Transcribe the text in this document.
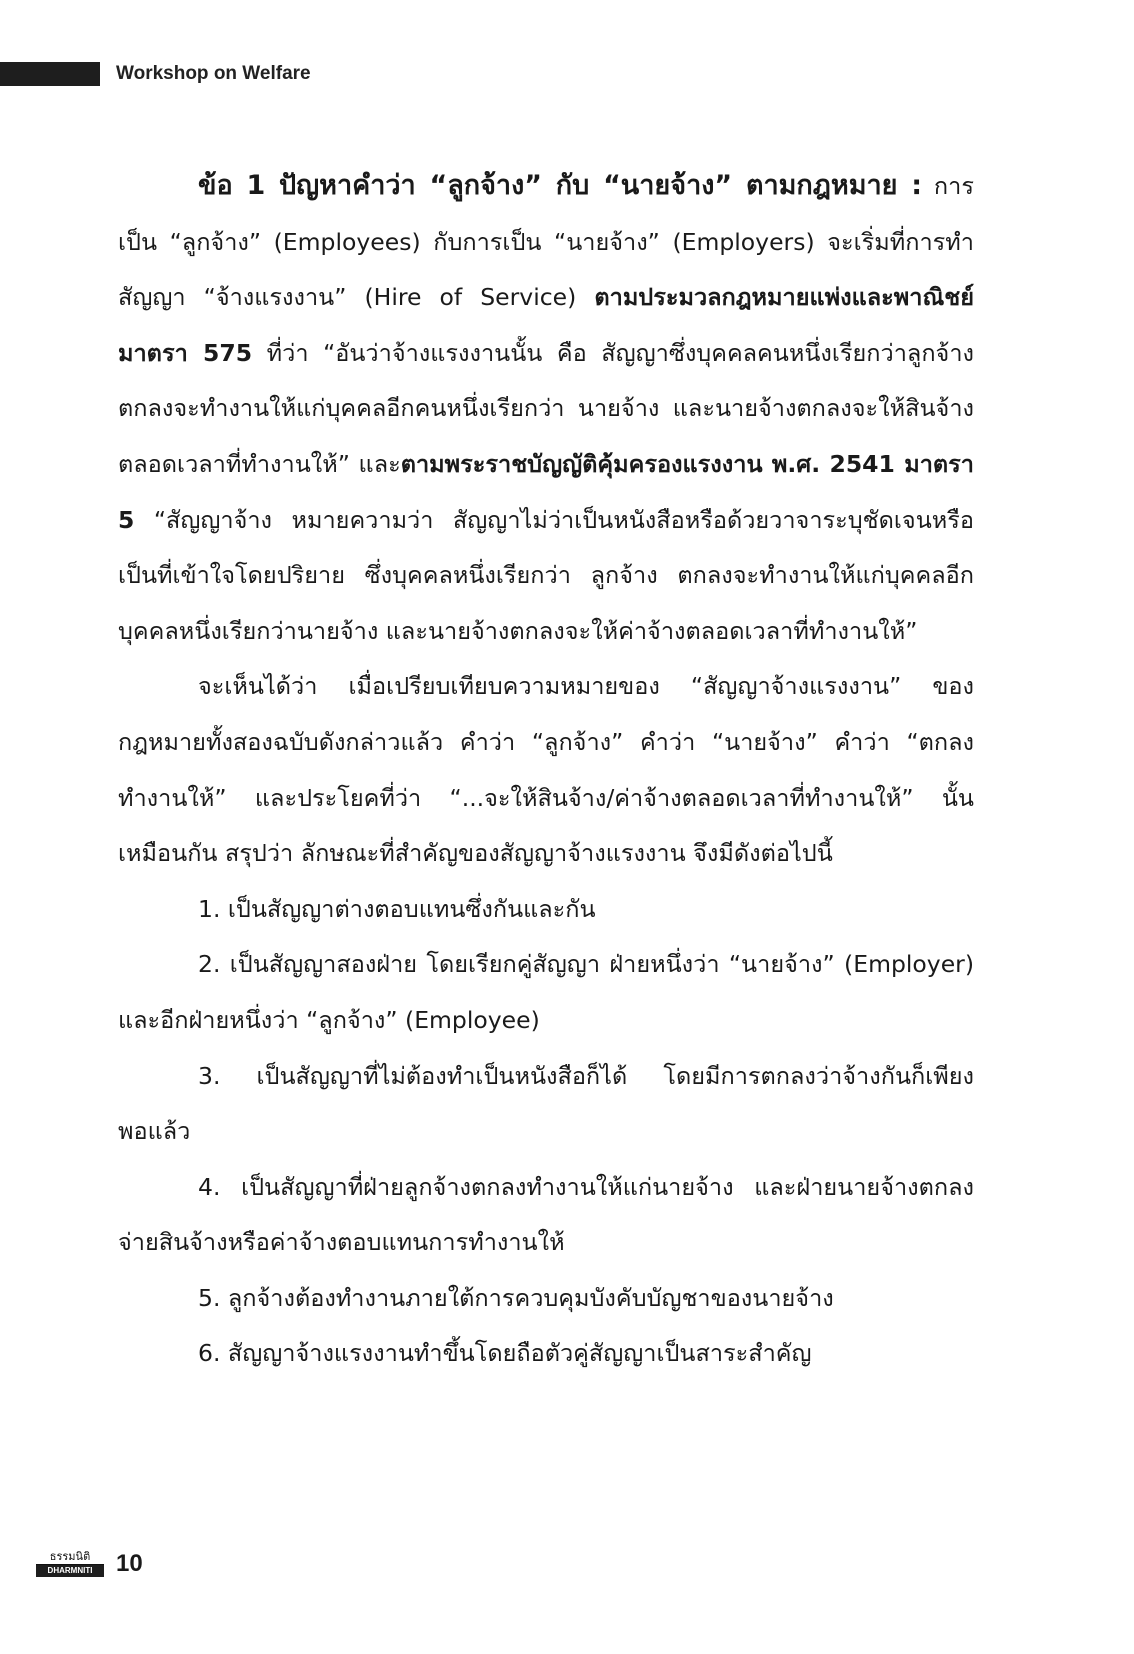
Workshop on Welfare

ข้อ 1 ปัญหาคำว่า “ลูกจ้าง” กับ “นายจ้าง” ตามกฎหมาย : การเป็น “ลูกจ้าง” (Employees) กับการเป็น “นายจ้าง” (Employers) จะเริ่มที่การทำสัญญา “จ้างแรงงาน” (Hire of Service) ตามประมวลกฎหมายแพ่งและพาณิชย์ มาตรา 575 ที่ว่า “อันว่าจ้างแรงงานนั้น คือ สัญญาซึ่งบุคคลคนหนึ่งเรียกว่าลูกจ้างตกลงจะทำงานให้แก่บุคคลอีกคนหนึ่งเรียกว่า นายจ้าง และนายจ้างตกลงจะให้สินจ้างตลอดเวลาที่ทำงานให้” และตามพระราชบัญญัติคุ้มครองแรงงาน พ.ศ. 2541 มาตรา 5 “สัญญาจ้าง หมายความว่า สัญญาไม่ว่าเป็นหนังสือหรือด้วยวาจาระบุชัดเจนหรือเป็นที่เข้าใจโดยปริยาย ซึ่งบุคคลหนึ่งเรียกว่า ลูกจ้าง ตกลงจะทำงานให้แก่บุคคลอีกบุคคลหนึ่งเรียกว่านายจ้าง และนายจ้างตกลงจะให้ค่าจ้างตลอดเวลาที่ทำงานให้”

จะเห็นได้ว่า เมื่อเปรียบเทียบความหมายของ “สัญญาจ้างแรงงาน” ของกฎหมายทั้งสองฉบับดังกล่าวแล้ว คำว่า “ลูกจ้าง” คำว่า “นายจ้าง” คำว่า “ตกลงทำงานให้” และประโยคที่ว่า “...จะให้สินจ้าง/ค่าจ้างตลอดเวลาที่ทำงานให้” นั้นเหมือนกัน สรุปว่า ลักษณะที่สำคัญของสัญญาจ้างแรงงาน จึงมีดังต่อไปนี้

1. เป็นสัญญาต่างตอบแทนซึ่งกันและกัน

2. เป็นสัญญาสองฝ่าย โดยเรียกคู่สัญญา ฝ่ายหนึ่งว่า “นายจ้าง” (Employer) และอีกฝ่ายหนึ่งว่า “ลูกจ้าง” (Employee)

3. เป็นสัญญาที่ไม่ต้องทำเป็นหนังสือก็ได้ โดยมีการตกลงว่าจ้างกันก็เพียงพอแล้ว

4. เป็นสัญญาที่ฝ่ายลูกจ้างตกลงทำงานให้แก่นายจ้าง และฝ่ายนายจ้างตกลงจ่ายสินจ้างหรือค่าจ้างตอบแทนการทำงานให้

5. ลูกจ้างต้องทำงานภายใต้การควบคุมบังคับบัญชาของนายจ้าง

6. สัญญาจ้างแรงงานทำขึ้นโดยถือตัวคู่สัญญาเป็นสาระสำคัญ

ธรรมนิติ
DHARMNITI 10
